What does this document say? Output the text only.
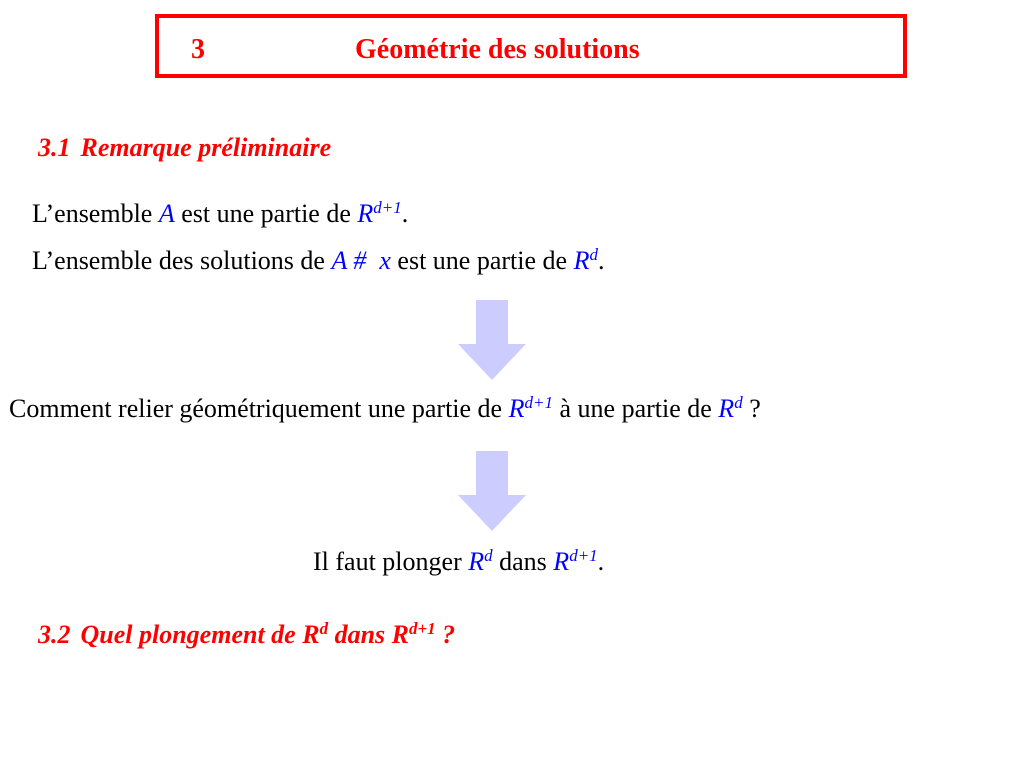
3	Géométrie des solutions
3.1 Remarque préliminaire
L’ensemble A est une partie de $R^{d+1}$.
L’ensemble des solutions de A #  x est une partie de $R^d$.
Comment relier géométriquement une partie de $R^{d+1}$ à une partie de $R^d$ ?
Il faut plonger $R^d$ dans $R^{d+1}$.
3.2 Quel plongement de $R^d$ dans $R^{d+1}$ ?
